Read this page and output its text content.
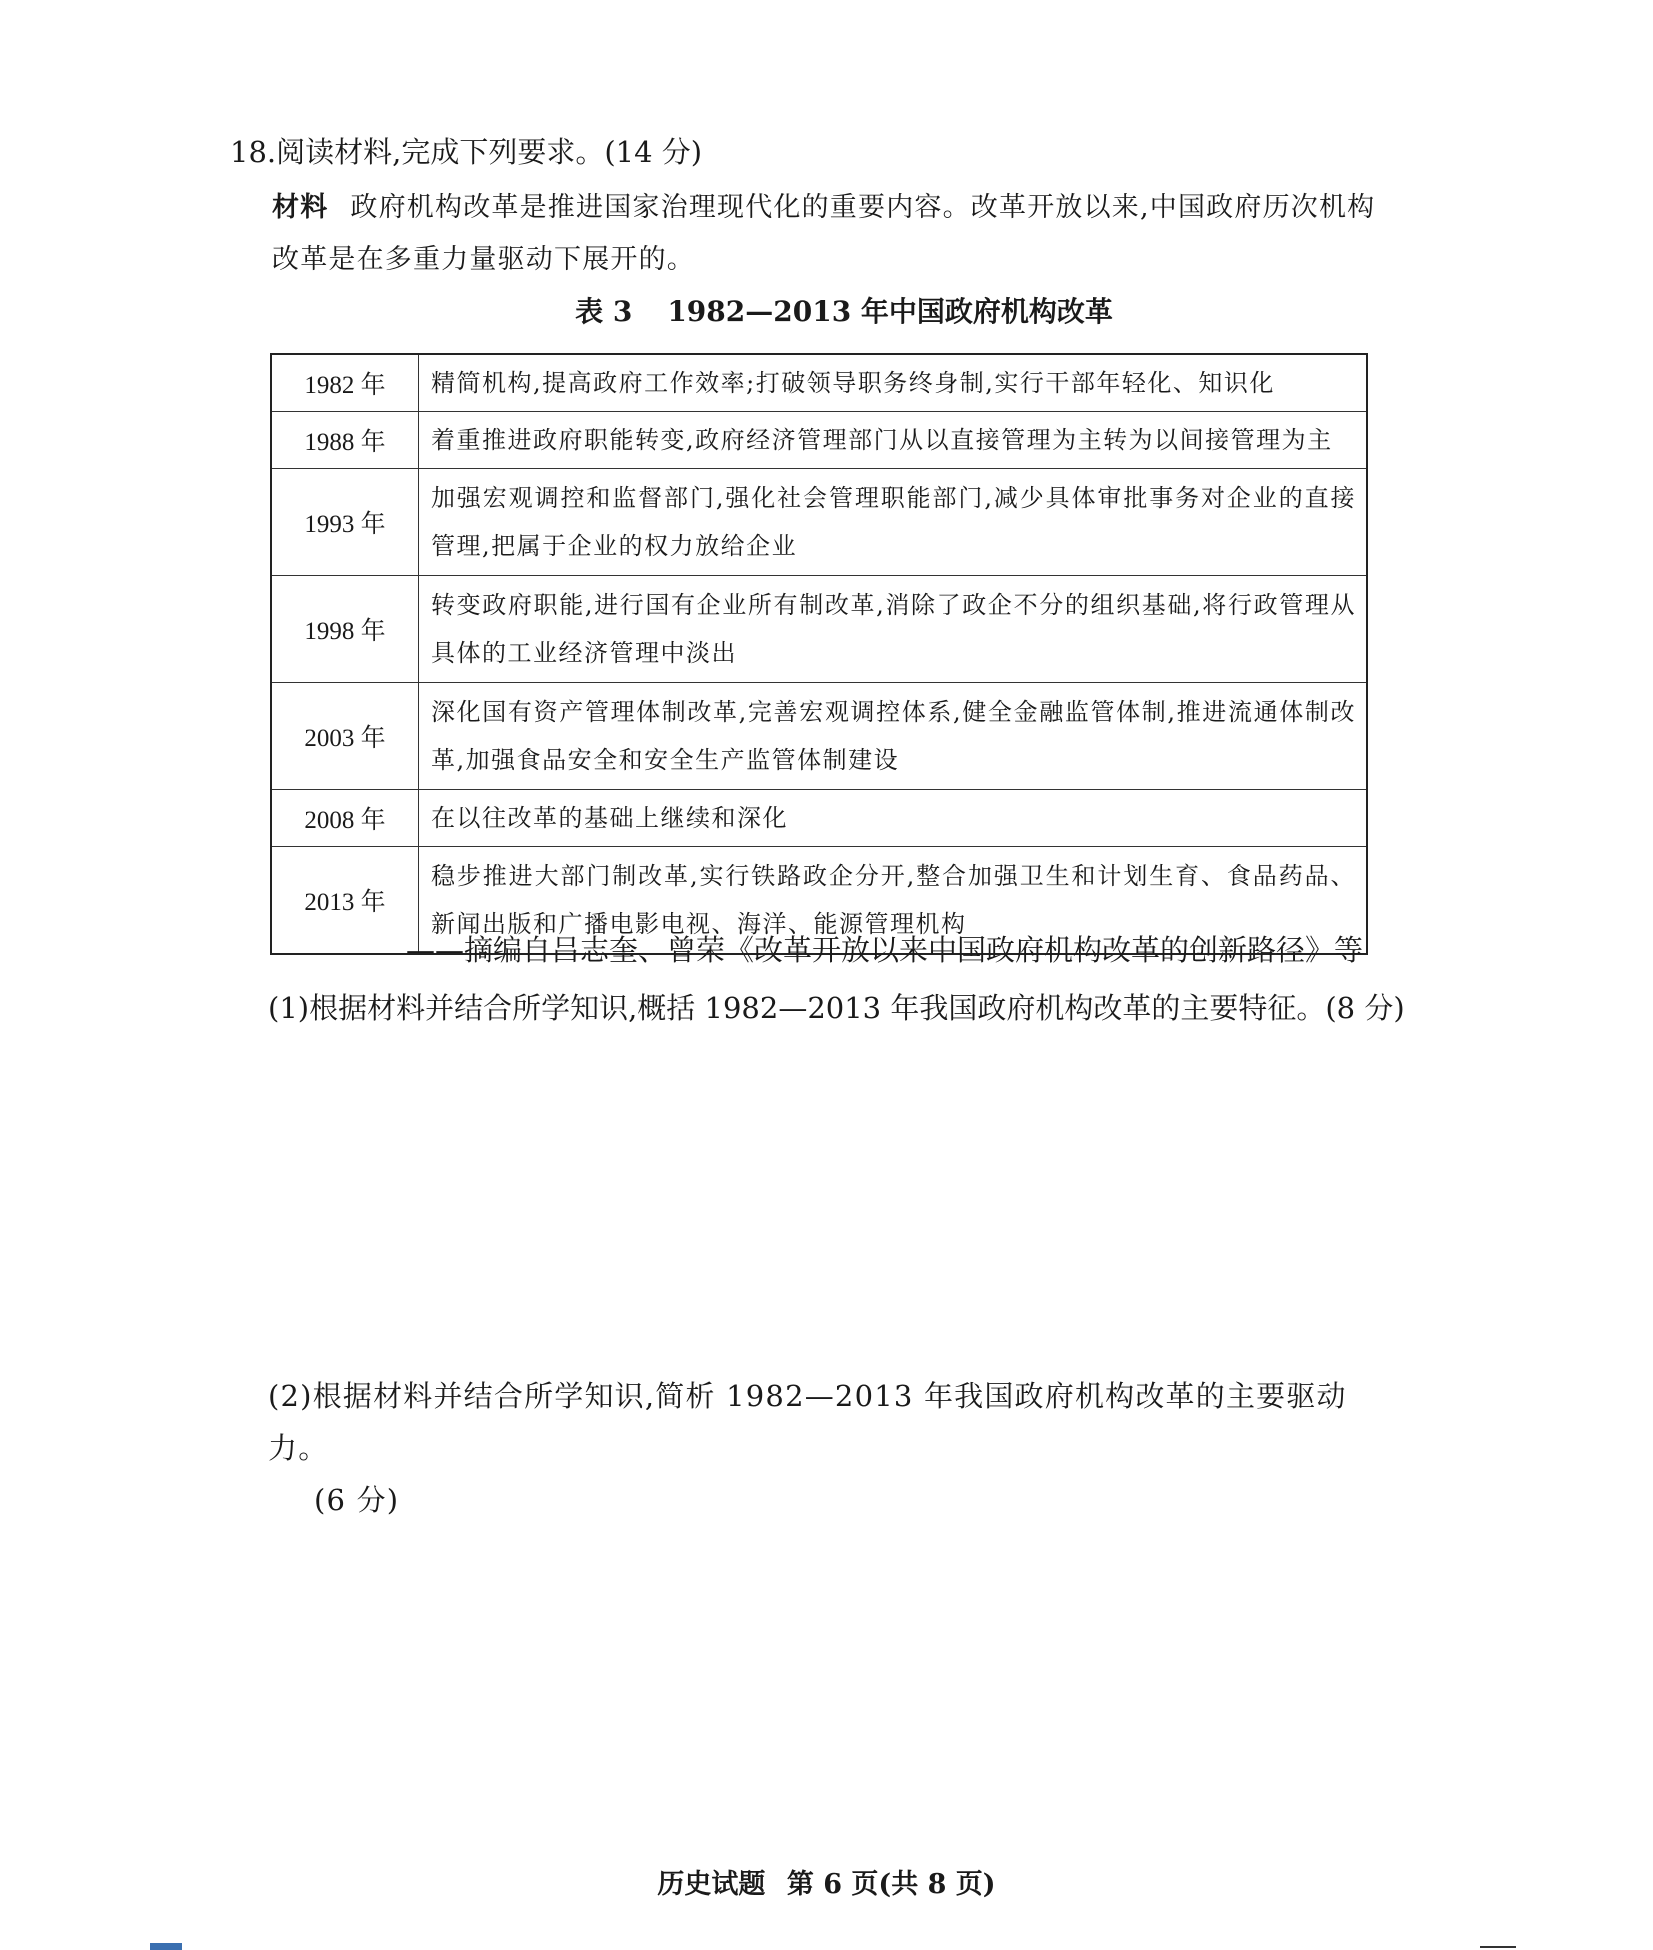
18.阅读材料,完成下列要求。(14 分)
材料 政府机构改革是推进国家治理现代化的重要内容。改革开放以来,中国政府历次机构改革是在多重力量驱动下展开的。
表 3 1982—2013 年中国政府机构改革
1982 年	精简机构,提高政府工作效率;打破领导职务终身制,实行干部年轻化、知识化
1988 年	着重推进政府职能转变,政府经济管理部门从以直接管理为主转为以间接管理为主
1993 年	加强宏观调控和监督部门,强化社会管理职能部门,减少具体审批事务对企业的直接管理,把属于企业的权力放给企业
1998 年	转变政府职能,进行国有企业所有制改革,消除了政企不分的组织基础,将行政管理从具体的工业经济管理中淡出
2003 年	深化国有资产管理体制改革,完善宏观调控体系,健全金融监管体制,推进流通体制改革,加强食品安全和安全生产监管体制建设
2008 年	在以往改革的基础上继续和深化
2013 年	稳步推进大部门制改革,实行铁路政企分开,整合加强卫生和计划生育、食品药品、新闻出版和广播电影电视、海洋、能源管理机构
——摘编自吕志奎、曾荣《改革开放以来中国政府机构改革的创新路径》等
(1)根据材料并结合所学知识,概括 1982—2013 年我国政府机构改革的主要特征。(8 分)
(2)根据材料并结合所学知识,简析 1982—2013 年我国政府机构改革的主要驱动力。
(6 分)
历史试题 第 6 页(共 8 页)
